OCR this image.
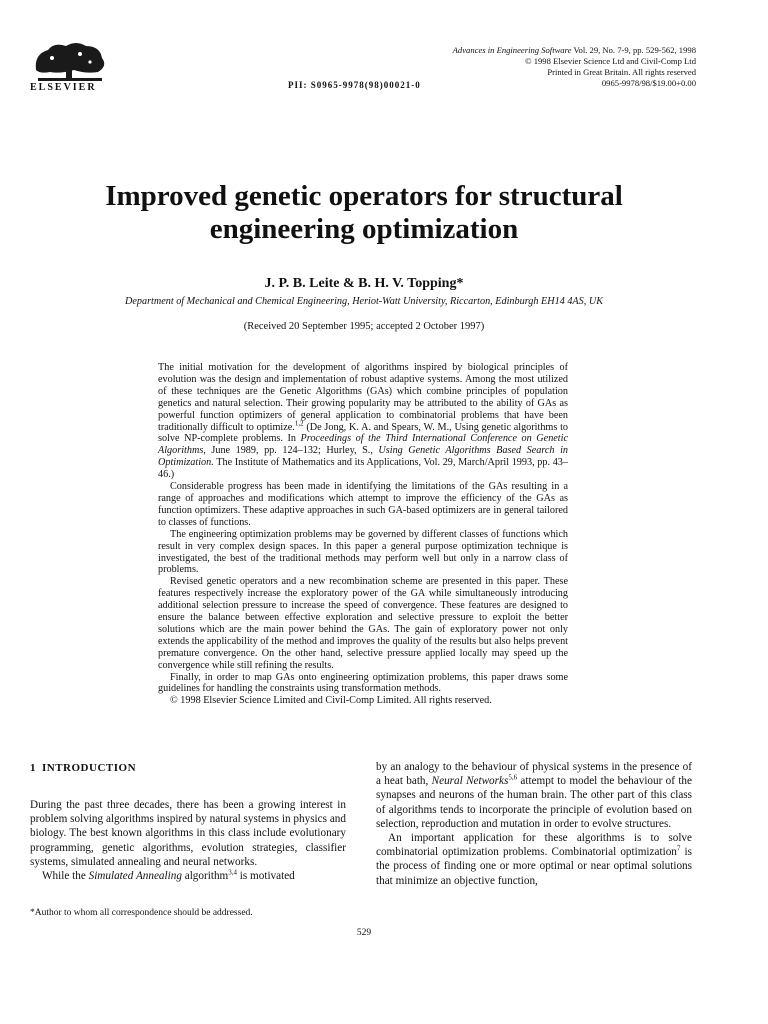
ELSEVIER	PII: S0965-9978(98)00021-0
Advances in Engineering Software Vol. 29, No. 7-9, pp. 529-562, 1998
© 1998 Elsevier Science Ltd and Civil-Comp Ltd
Printed in Great Britain. All rights reserved
0965-9978/98/$19.00+0.00
Improved genetic operators for structural
engineering optimization
J. P. B. Leite & B. H. V. Topping*
Department of Mechanical and Chemical Engineering, Heriot-Watt University, Riccarton, Edinburgh EH14 4AS, UK
(Received 20 September 1995; accepted 2 October 1997)

The initial motivation for the development of algorithms inspired by biological principles of evolution was the design and implementation of robust adaptive systems. Among the most utilized of these techniques are the Genetic Algorithms (GAs) which combine principles of population genetics and natural selection. Their growing popularity may be attributed to the ability of GAs as powerful function optimizers of general application to combinatorial problems that have been traditionally difficult to optimize.$^{1,2}$ (De Jong, K. A. and Spears, W. M., Using genetic algorithms to solve NP-complete problems. In Proceedings of the Third International Conference on Genetic Algorithms, June 1989, pp. 124–132; Hurley, S., Using Genetic Algorithms Based Search in Optimization. The Institute of Mathematics and its Applications, Vol. 29, March/April 1993, pp. 43–46.)

Considerable progress has been made in identifying the limitations of the GAs resulting in a range of approaches and modifications which attempt to improve the efficiency of the GAs as function optimizers. These adaptive approaches in such GA-based optimizers are in general tailored to classes of functions.

The engineering optimization problems may be governed by different classes of functions which result in very complex design spaces. In this paper a general purpose optimization technique is investigated, the best of the traditional methods may perform well but only in a narrow class of problems.

Revised genetic operators and a new recombination scheme are presented in this paper. These features respectively increase the exploratory power of the GA while simultaneously introducing additional selection pressure to increase the speed of convergence. These features are designed to ensure the balance between effective exploration and selective pressure to exploit the better solutions which are the main power behind the GAs. The gain of exploratory power not only extends the applicability of the method and improves the quality of the results but also helps prevent premature convergence. On the other hand, selective pressure applied locally may speed up the convergence while still refining the results.

Finally, in order to map GAs onto engineering optimization problems, this paper draws some guidelines for handling the constraints using transformation methods.

© 1998 Elsevier Science Limited and Civil-Comp Limited. All rights reserved.

1 INTRODUCTION

During the past three decades, there has been a growing interest in problem solving algorithms inspired by natural systems in physics and biology. The best known algorithms in this class include evolutionary programming, genetic algorithms, evolution strategies, classifier systems, simulated annealing and neural networks.

While the Simulated Annealing algorithm$^{3,4}$ is motivated

*Author to whom all correspondence should be addressed.

by an analogy to the behaviour of physical systems in the presence of a heat bath, Neural Networks$^{5,6}$ attempt to model the behaviour of the synapses and neurons of the human brain. The other part of this class of algorithms tends to incorporate the principle of evolution based on selection, reproduction and mutation in order to evolve structures.

An important application for these algorithms is to solve combinatorial optimization problems. Combinatorial optimization$^7$ is the process of finding one or more optimal or near optimal solutions that minimize an objective function,

529
